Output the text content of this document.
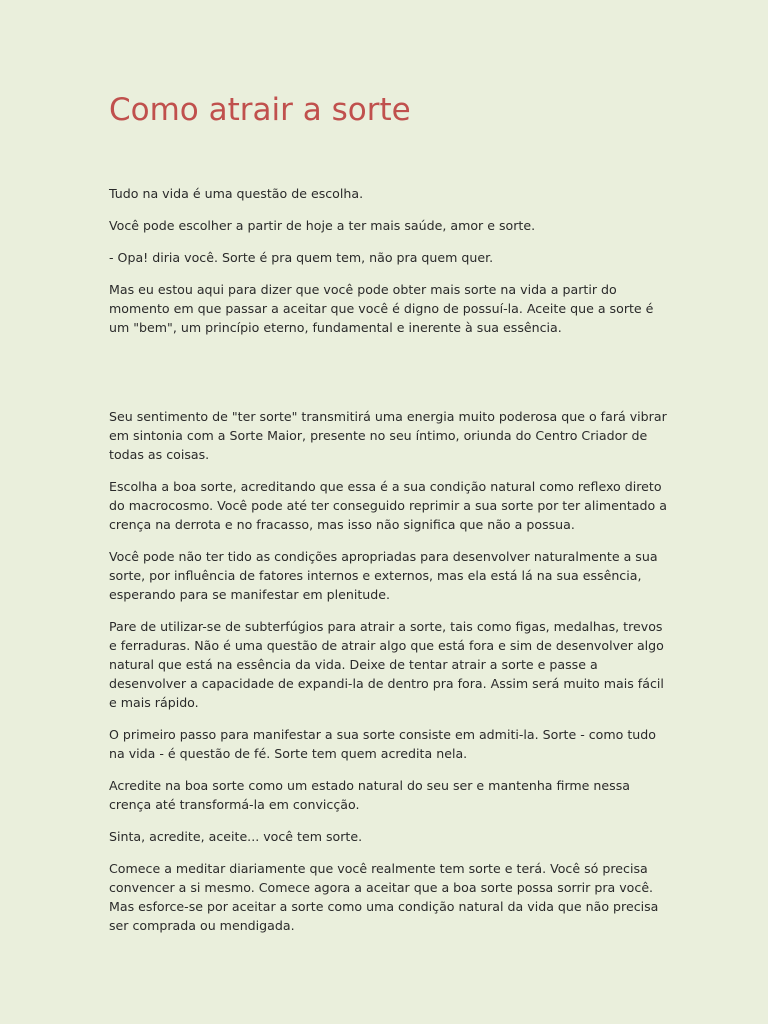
Como atrair a sorte

Tudo na vida é uma questão de escolha.

Você pode escolher a partir de hoje a ter mais saúde, amor e sorte.

- Opa! diria você. Sorte é pra quem tem, não pra quem quer.

Mas eu estou aqui para dizer que você pode obter mais sorte na vida a partir do momento em que passar a aceitar que você é digno de possuí-la. Aceite que a sorte é um "bem", um princípio eterno, fundamental e inerente à sua essência.

Seu sentimento de "ter sorte" transmitirá uma energia muito poderosa que o fará vibrar em sintonia com a Sorte Maior, presente no seu íntimo, oriunda do Centro Criador de todas as coisas.

Escolha a boa sorte, acreditando que essa é a sua condição natural como reflexo direto do macrocosmo. Você pode até ter conseguido reprimir a sua sorte por ter alimentado a crença na derrota e no fracasso, mas isso não significa que não a possua.

Você pode não ter tido as condições apropriadas para desenvolver naturalmente a sua sorte, por influência de fatores internos e externos, mas ela está lá na sua essência, esperando para se manifestar em plenitude.

Pare de utilizar-se de subterfúgios para atrair a sorte, tais como figas, medalhas, trevos e ferraduras. Não é uma questão de atrair algo que está fora e sim de desenvolver algo natural que está na essência da vida. Deixe de tentar atrair a sorte e passe a desenvolver a capacidade de expandi-la de dentro pra fora. Assim será muito mais fácil e mais rápido.

O primeiro passo para manifestar a sua sorte consiste em admiti-la. Sorte - como tudo na vida - é questão de fé. Sorte tem quem acredita nela.

Acredite na boa sorte como um estado natural do seu ser e mantenha firme nessa crença até transformá-la em convicção.

Sinta, acredite, aceite... você tem sorte.

Comece a meditar diariamente que você realmente tem sorte e terá. Você só precisa convencer a si mesmo. Comece agora a aceitar que a boa sorte possa sorrir pra você. Mas esforce-se por aceitar a sorte como uma condição natural da vida que não precisa ser comprada ou mendigada.
